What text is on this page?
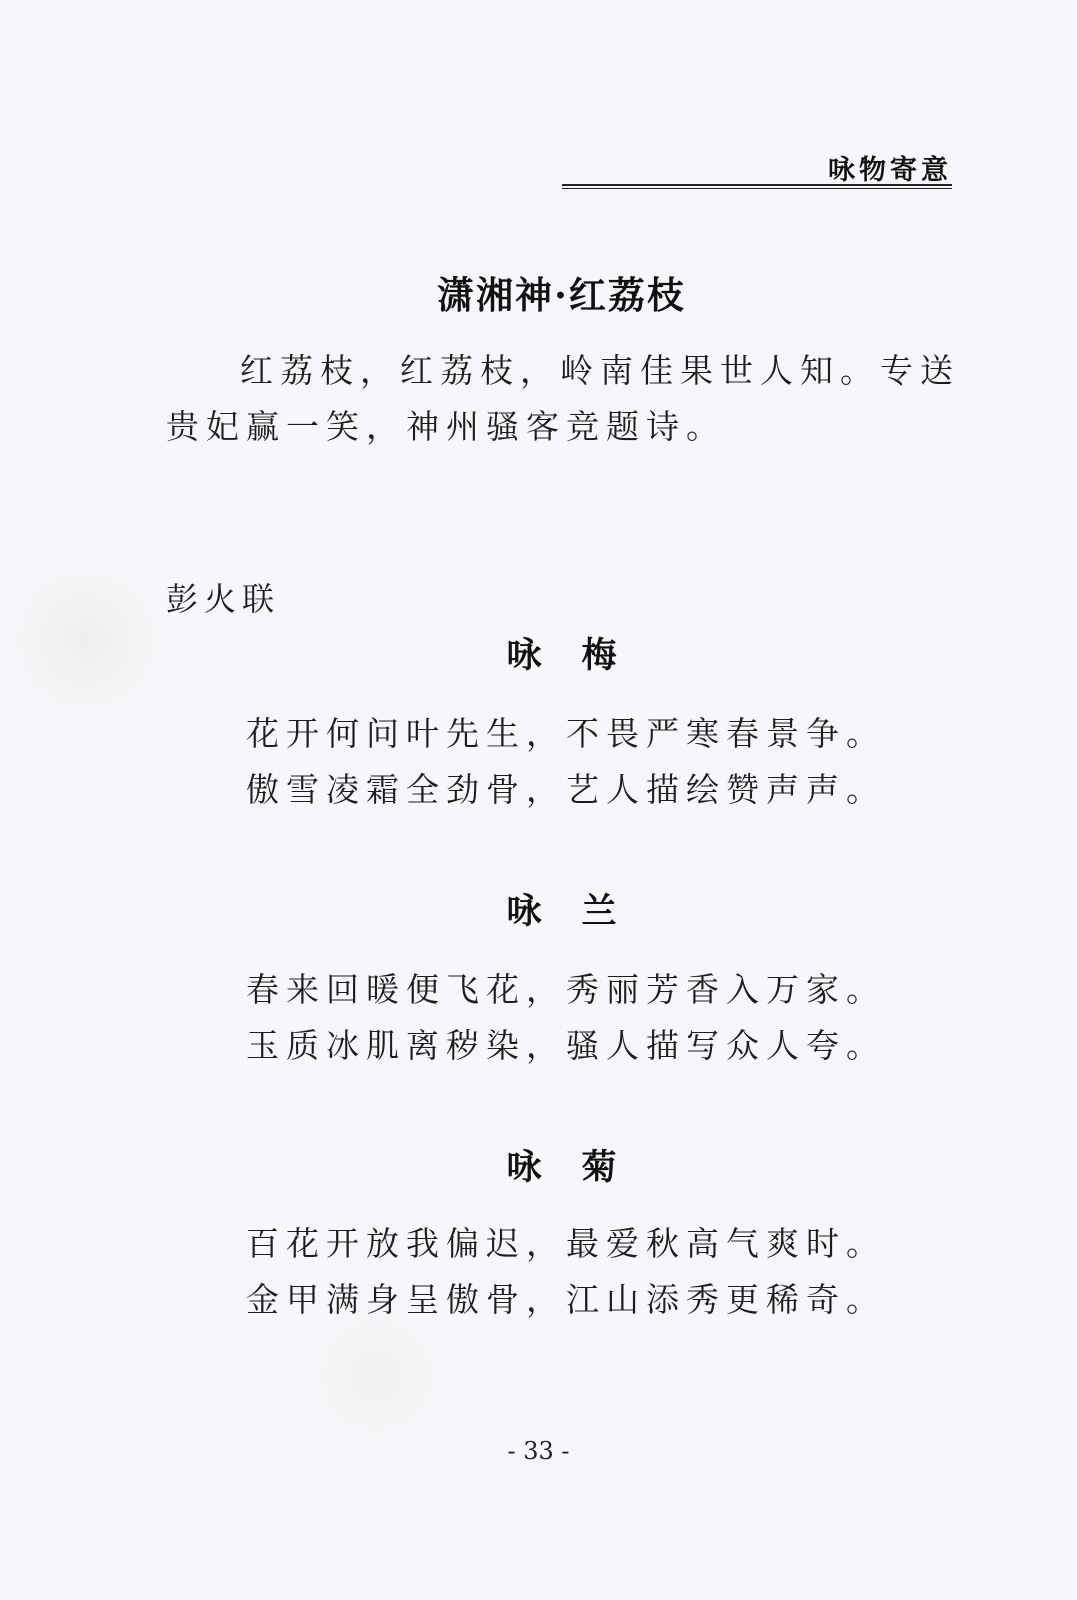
咏物寄意
潇湘神·红荔枝
红荔枝，红荔枝，岭南佳果世人知。专送
贵妃赢一笑，神州骚客竞题诗。
彭火联
咏 梅
花开何问叶先生，不畏严寒春景争。
傲雪凌霜全劲骨，艺人描绘赞声声。
咏 兰
春来回暖便飞花，秀丽芳香入万家。
玉质冰肌离秽染，骚人描写众人夸。
咏 菊
百花开放我偏迟，最爱秋高气爽时。
金甲满身呈傲骨，江山添秀更稀奇。
- 33 -
